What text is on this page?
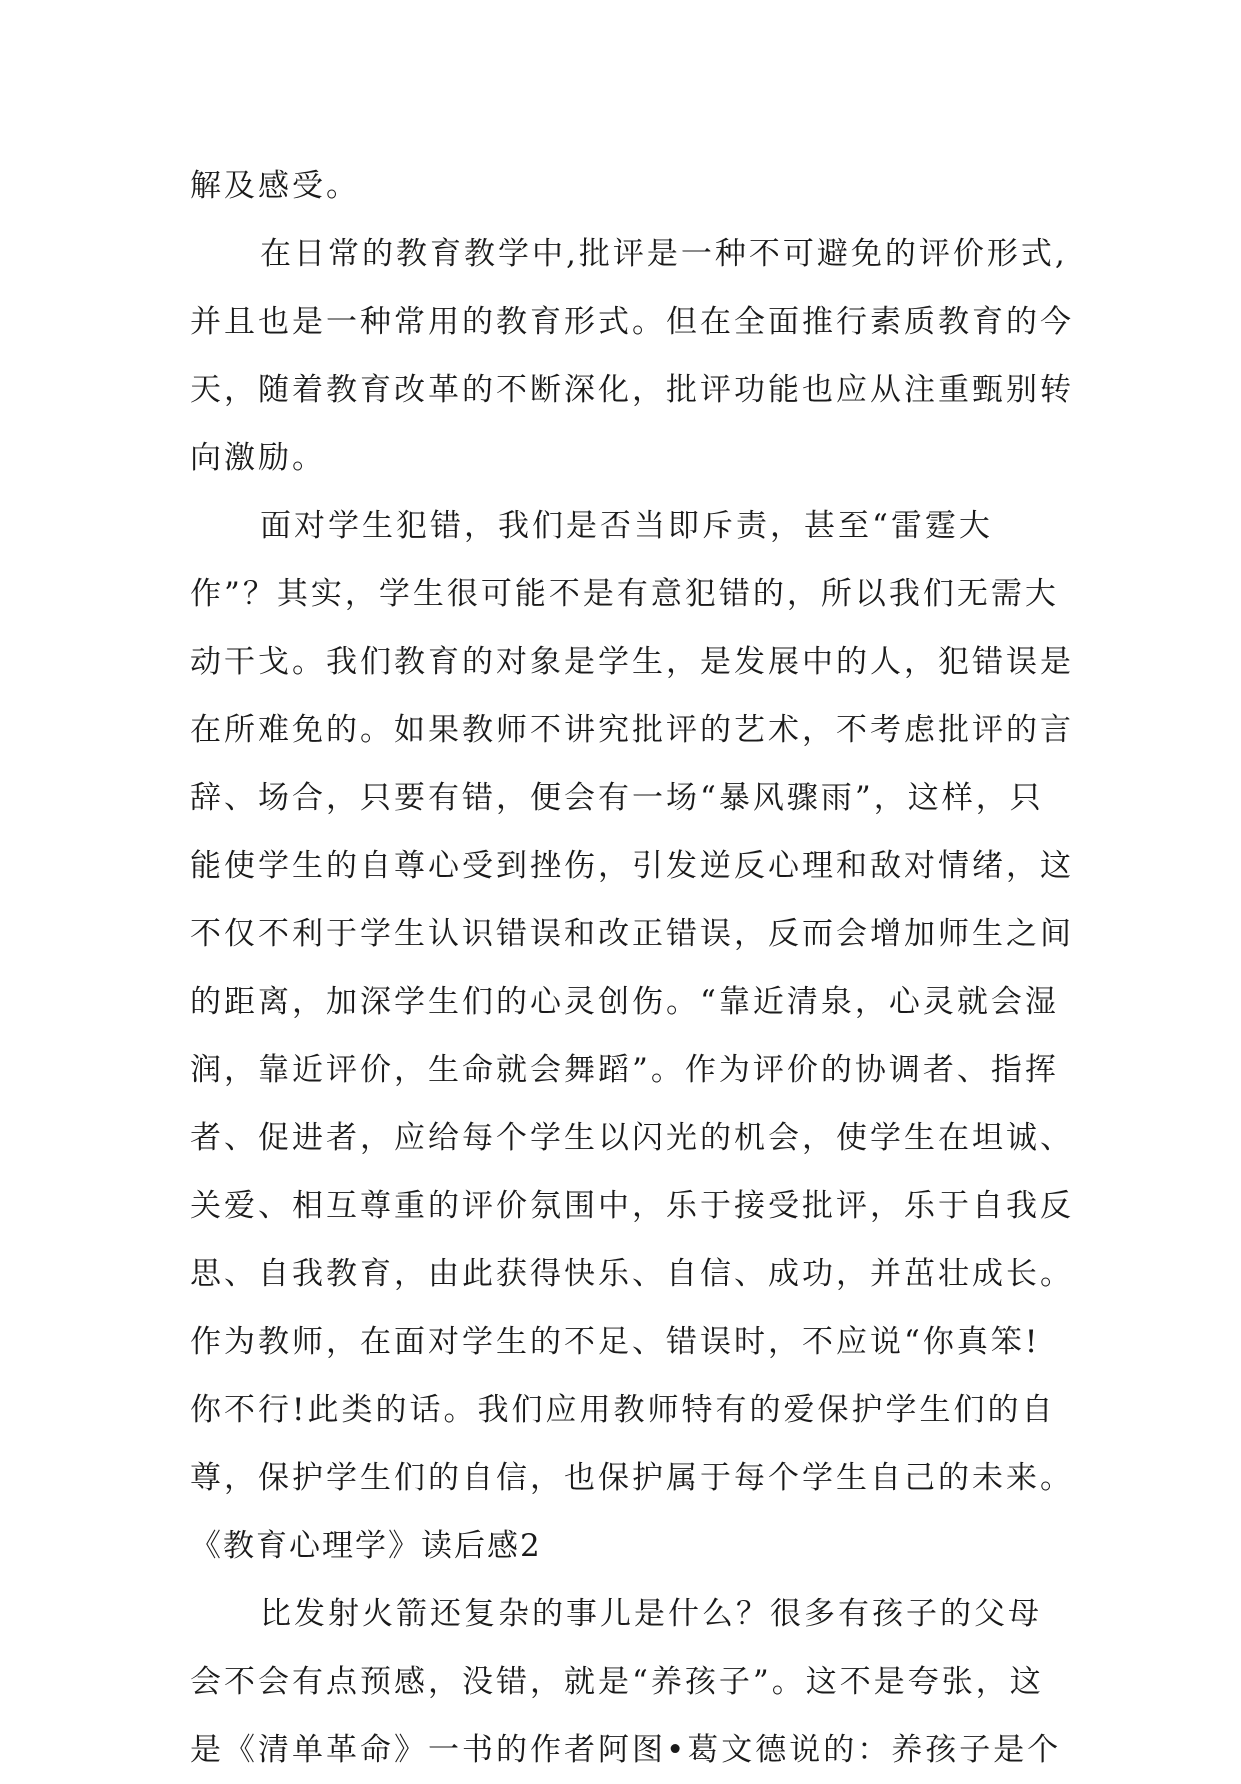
解及感受。
在日常的教育教学中,批评是一种不可避免的评价形式,
并且也是一种常用的教育形式。但在全面推行素质教育的今
天，随着教育改革的不断深化，批评功能也应从注重甄别转
向激励。
面对学生犯错，我们是否当即斥责，甚至“雷霆大
作”？其实，学生很可能不是有意犯错的，所以我们无需大
动干戈。我们教育的对象是学生，是发展中的人，犯错误是
在所难免的。如果教师不讲究批评的艺术，不考虑批评的言
辞、场合，只要有错，便会有一场“暴风骤雨”，这样，只
能使学生的自尊心受到挫伤，引发逆反心理和敌对情绪，这
不仅不利于学生认识错误和改正错误，反而会增加师生之间
的距离，加深学生们的心灵创伤。“靠近清泉，心灵就会湿
润，靠近评价，生命就会舞蹈”。作为评价的协调者、指挥
者、促进者，应给每个学生以闪光的机会，使学生在坦诚、
关爱、相互尊重的评价氛围中，乐于接受批评，乐于自我反
思、自我教育，由此获得快乐、自信、成功，并茁壮成长。
作为教师，在面对学生的不足、错误时，不应说“你真笨!
你不行!此类的话。我们应用教师特有的爱保护学生们的自
尊，保护学生们的自信，也保护属于每个学生自己的未来。
《教育心理学》读后感2
比发射火箭还复杂的事儿是什么？很多有孩子的父母
会不会有点预感，没错，就是“养孩子”。这不是夸张，这
是《清单革命》一书的作者阿图•葛文德说的：养孩子是个
